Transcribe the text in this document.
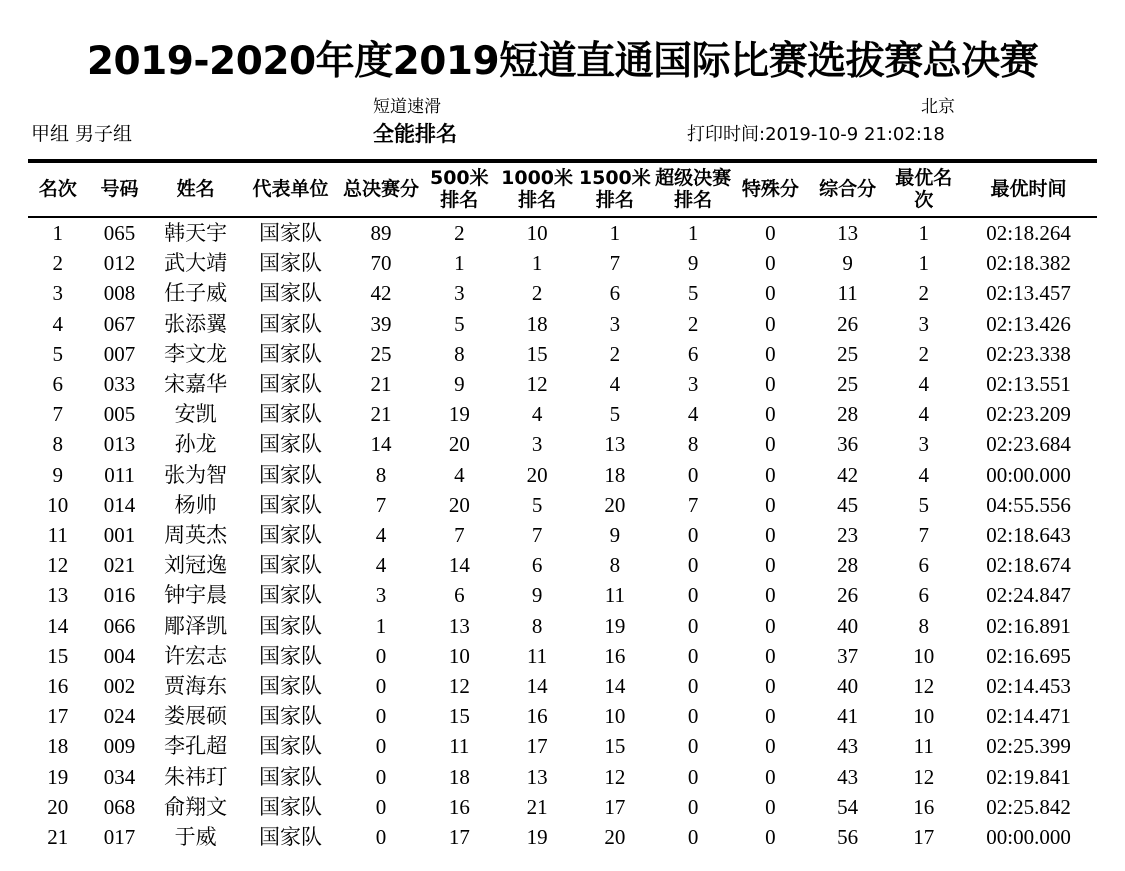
2019-2020年度2019短道直通国际比赛选拔赛总决赛
短道速滑	北京
甲组 男子组	全能排名	打印时间:2019-10-9 21:02:18
名次	号码	姓名	代表单位	总决赛分	500米排名	1000米排名	1500米排名	超级决赛排名	特殊分	综合分	最优名次	最优时间
1	065	韩天宇	国家队	89	2	10	1	1	0	13	1	02:18.264
2	012	武大靖	国家队	70	1	1	7	9	0	9	1	02:18.382
3	008	任子威	国家队	42	3	2	6	5	0	11	2	02:13.457
4	067	张添翼	国家队	39	5	18	3	2	0	26	3	02:13.426
5	007	李文龙	国家队	25	8	15	2	6	0	25	2	02:23.338
6	033	宋嘉华	国家队	21	9	12	4	3	0	25	4	02:13.551
7	005	安凯	国家队	21	19	4	5	4	0	28	4	02:23.209
8	013	孙龙	国家队	14	20	3	13	8	0	36	3	02:23.684
9	011	张为智	国家队	8	4	20	18	0	0	42	4	00:00.000
10	014	杨帅	国家队	7	20	5	20	7	0	45	5	04:55.556
11	001	周英杰	国家队	4	7	7	9	0	0	23	7	02:18.643
12	021	刘冠逸	国家队	4	14	6	8	0	0	28	6	02:18.674
13	016	钟宇晨	国家队	3	6	9	11	0	0	26	6	02:24.847
14	066	郮泽凯	国家队	1	13	8	19	0	0	40	8	02:16.891
15	004	许宏志	国家队	0	10	11	16	0	0	37	10	02:16.695
16	002	贾海东	国家队	0	12	14	14	0	0	40	12	02:14.453
17	024	娄展硕	国家队	0	15	16	10	0	0	41	10	02:14.471
18	009	李孔超	国家队	0	11	17	15	0	0	43	11	02:25.399
19	034	朱祎玎	国家队	0	18	13	12	0	0	43	12	02:19.841
20	068	俞翔文	国家队	0	16	21	17	0	0	54	16	02:25.842
21	017	于威	国家队	0	17	19	20	0	0	56	17	00:00.000
